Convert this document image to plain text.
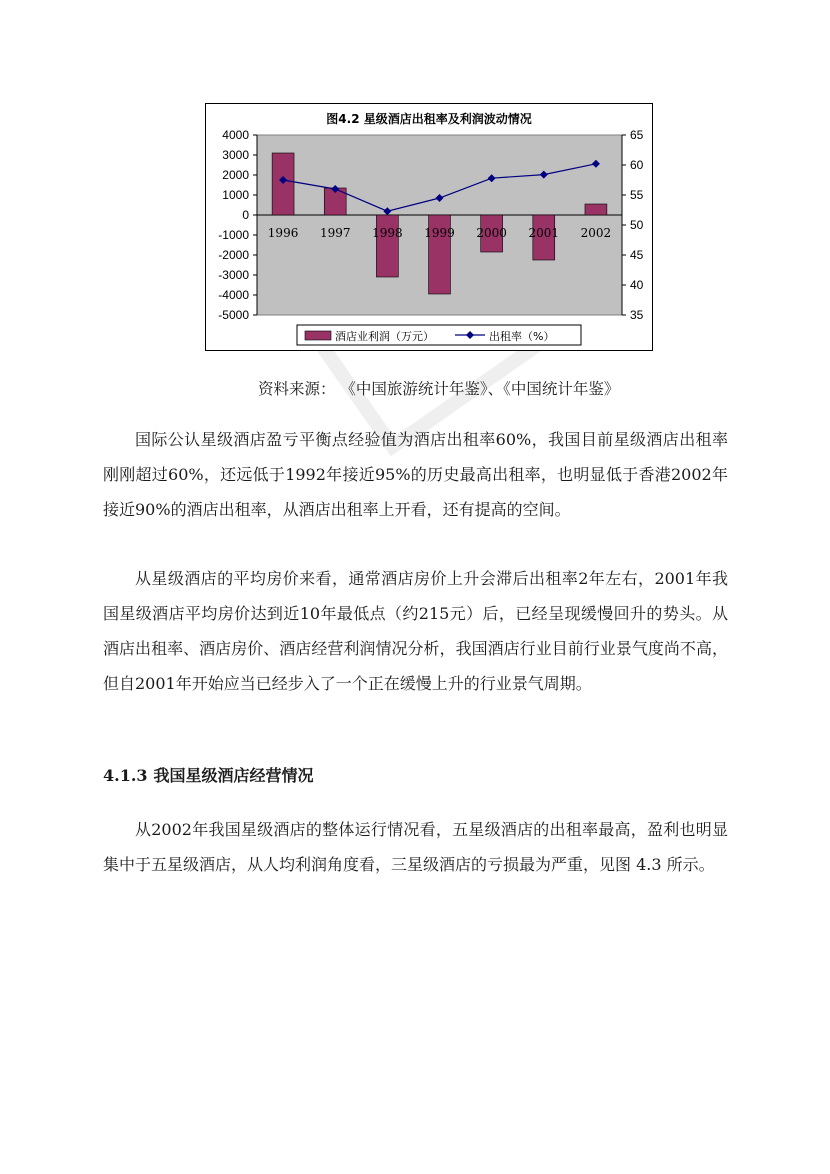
图4.2 星级酒店出租率及利润波动情况
1996 1997 1998 1999 2000 2001 2002
4000
3000
2000
1000
0
-1000
-2000
-3000
-4000
-5000
65
60
55
50
45
40
35
酒店业利润（万元）	出租率（%）
资料来源： 《中国旅游统计年鉴》、《中国统计年鉴》

国际公认星级酒店盈亏平衡点经验值为酒店出租率60%，我国目前星级酒店出租率刚刚超过60%，还远低于1992年接近95%的历史最高出租率，也明显低于香港2002年接近90%的酒店出租率，从酒店出租率上开看，还有提高的空间。

从星级酒店的平均房价来看，通常酒店房价上升会滞后出租率2年左右，2001年我国星级酒店平均房价达到近10年最低点（约215元）后，已经呈现缓慢回升的势头。从酒店出租率、酒店房价、酒店经营利润情况分析，我国酒店行业目前行业景气度尚不高，但自2001年开始应当已经步入了一个正在缓慢上升的行业景气周期。

4.1.3 我国星级酒店经营情况

从2002年我国星级酒店的整体运行情况看，五星级酒店的出租率最高，盈利也明显集中于五星级酒店，从人均利润角度看，三星级酒店的亏损最为严重，见图 4.3 所示。
